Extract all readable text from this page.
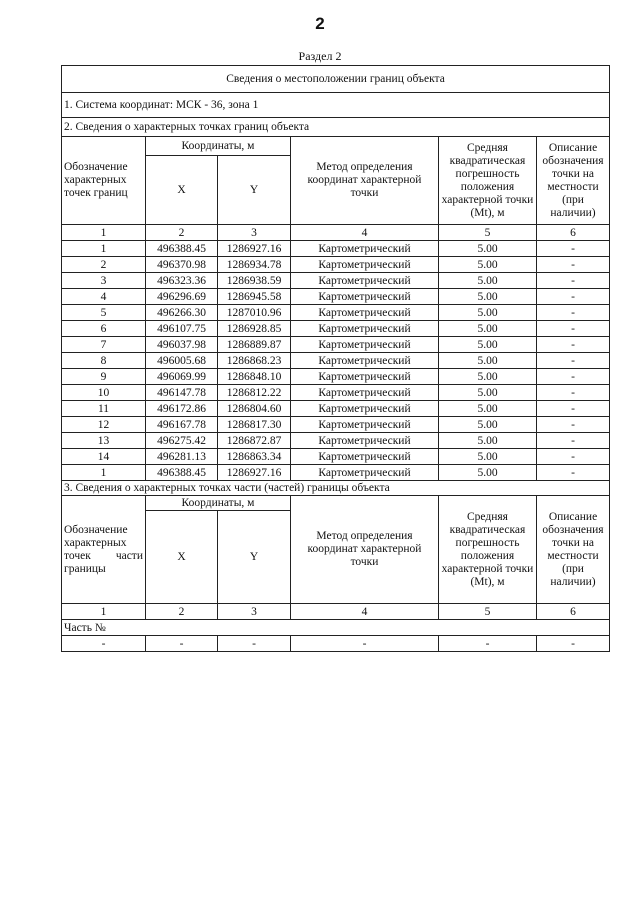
2
Раздел 2
Сведения о местоположении границ объекта					
1. Система координат: МСК - 36, зона 1					
2. Сведения о характерных точках границ объекта					
Обозначение характерных точек границ	Координаты, м		Метод определения координат характерной точки	Средняя квадратическая погрешность положения характерной точки (Mt), м	Описание обозначения точки на местности (при наличии)
	X	Y			
1	2	3	4	5	6
1	496388.45	1286927.16	Картометрический	5.00	-
2	496370.98	1286934.78	Картометрический	5.00	-
3	496323.36	1286938.59	Картометрический	5.00	-
4	496296.69	1286945.58	Картометрический	5.00	-
5	496266.30	1287010.96	Картометрический	5.00	-
6	496107.75	1286928.85	Картометрический	5.00	-
7	496037.98	1286889.87	Картометрический	5.00	-
8	496005.68	1286868.23	Картометрический	5.00	-
9	496069.99	1286848.10	Картометрический	5.00	-
10	496147.78	1286812.22	Картометрический	5.00	-
11	496172.86	1286804.60	Картометрический	5.00	-
12	496167.78	1286817.30	Картометрический	5.00	-
13	496275.42	1286872.87	Картометрический	5.00	-
14	496281.13	1286863.34	Картометрический	5.00	-
1	496388.45	1286927.16	Картометрический	5.00	-
3. Сведения о характерных точках части (частей) границы объекта					
Обозначение характерных точек части границы	Координаты, м		Метод определения координат характерной точки	Средняя квадратическая погрешность положения характерной точки (Mt), м	Описание обозначения точки на местности (при наличии)
	X	Y			
1	2	3	4	5	6
Часть №					
-	-	-	-	-	-
